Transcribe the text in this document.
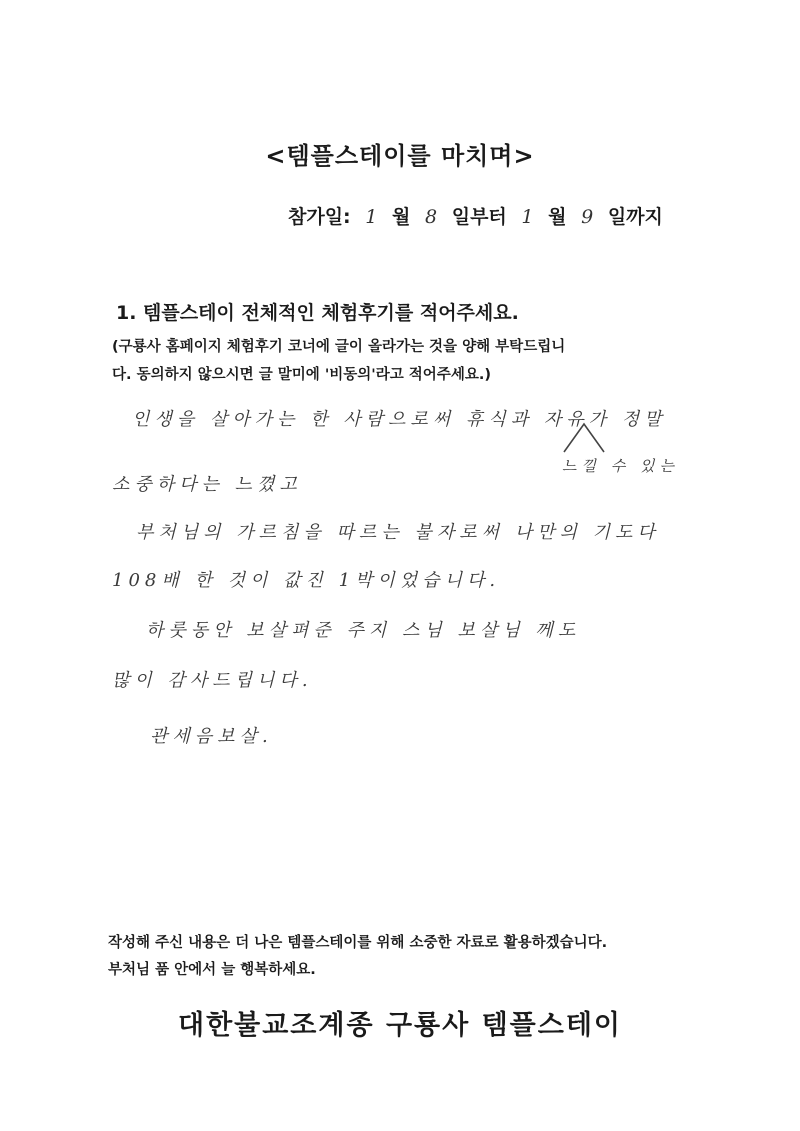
<템플스테이를 마치며>
참가일: 1 월 8 일부터 1 월 9 일까지
1. 템플스테이 전체적인 체험후기를 적어주세요.
(구룡사 홈페이지 체험후기 코너에 글이 올라가는 것을 양해 부탁드립니
다. 동의하지 않으시면 글 말미에 '비동의'라고 적어주세요.)
인생을 살아가는 한 사람으로써 휴식과 자유가 정말
느낄 수 있는
소중하다는 느꼈고
부처님의 가르침을 따르는 불자로써 나만의 기도다
108배 한 것이 값진 1박이었습니다.
하룻동안 보살펴준 주지 스님 보살님 께도
많이 감사드립니다.
관세음보살.
작성해 주신 내용은 더 나은 템플스테이를 위해 소중한 자료로 활용하겠습니다.
부처님 품 안에서 늘 행복하세요.
대한불교조계종 구룡사 템플스테이
